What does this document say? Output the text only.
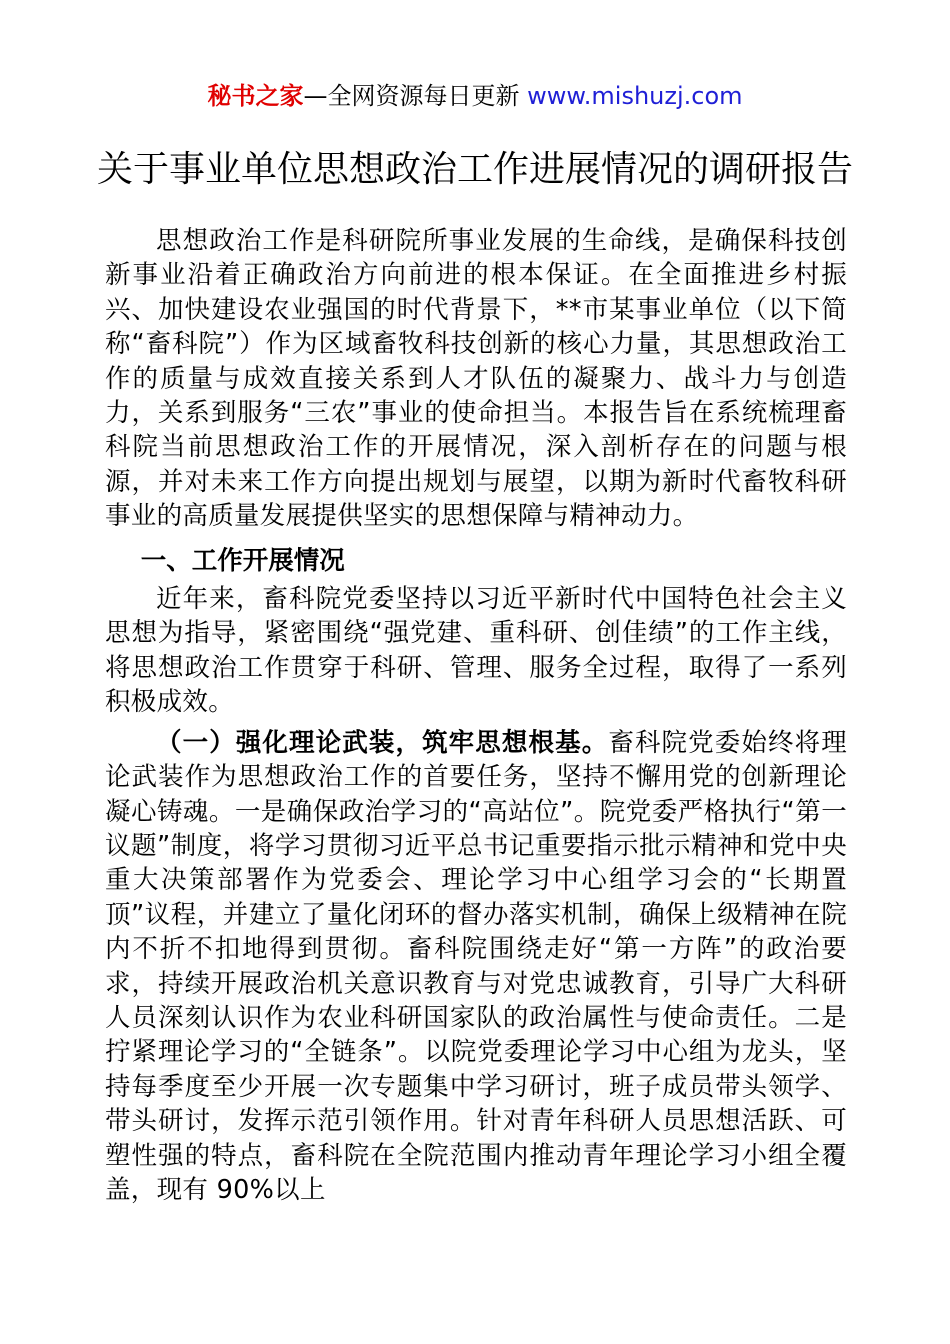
秘书之家—全网资源每日更新 www.mishuzj.com
关于事业单位思想政治工作进展情况的调研报告

思想政治工作是科研院所事业发展的生命线，是确保科技创新事业沿着正确政治方向前进的根本保证。在全面推进乡村振兴、加快建设农业强国的时代背景下，**市某事业单位（以下简称“畜科院”）作为区域畜牧科技创新的核心力量，其思想政治工作的质量与成效直接关系到人才队伍的凝聚力、战斗力与创造力，关系到服务“三农”事业的使命担当。本报告旨在系统梳理畜科院当前思想政治工作的开展情况，深入剖析存在的问题与根源，并对未来工作方向提出规划与展望，以期为新时代畜牧科研事业的高质量发展提供坚实的思想保障与精神动力。

一、工作开展情况

近年来，畜科院党委坚持以习近平新时代中国特色社会主义思想为指导，紧密围绕“强党建、重科研、创佳绩”的工作主线，将思想政治工作贯穿于科研、管理、服务全过程，取得了一系列积极成效。

（一）强化理论武装，筑牢思想根基。畜科院党委始终将理论武装作为思想政治工作的首要任务，坚持不懈用党的创新理论凝心铸魂。一是确保政治学习的“高站位”。院党委严格执行“第一议题”制度，将学习贯彻习近平总书记重要指示批示精神和党中央重大决策部署作为党委会、理论学习中心组学习会的“长期置顶”议程，并建立了量化闭环的督办落实机制，确保上级精神在院内不折不扣地得到贯彻。畜科院围绕走好“第一方阵”的政治要求，持续开展政治机关意识教育与对党忠诚教育，引导广大科研人员深刻认识作为农业科研国家队的政治属性与使命责任。二是拧紧理论学习的“全链条”。以院党委理论学习中心组为龙头，坚持每季度至少开展一次专题集中学习研讨，班子成员带头领学、带头研讨，发挥示范引领作用。针对青年科研人员思想活跃、可塑性强的特点，畜科院在全院范围内推动青年理论学习小组全覆盖，现有 90%以上
